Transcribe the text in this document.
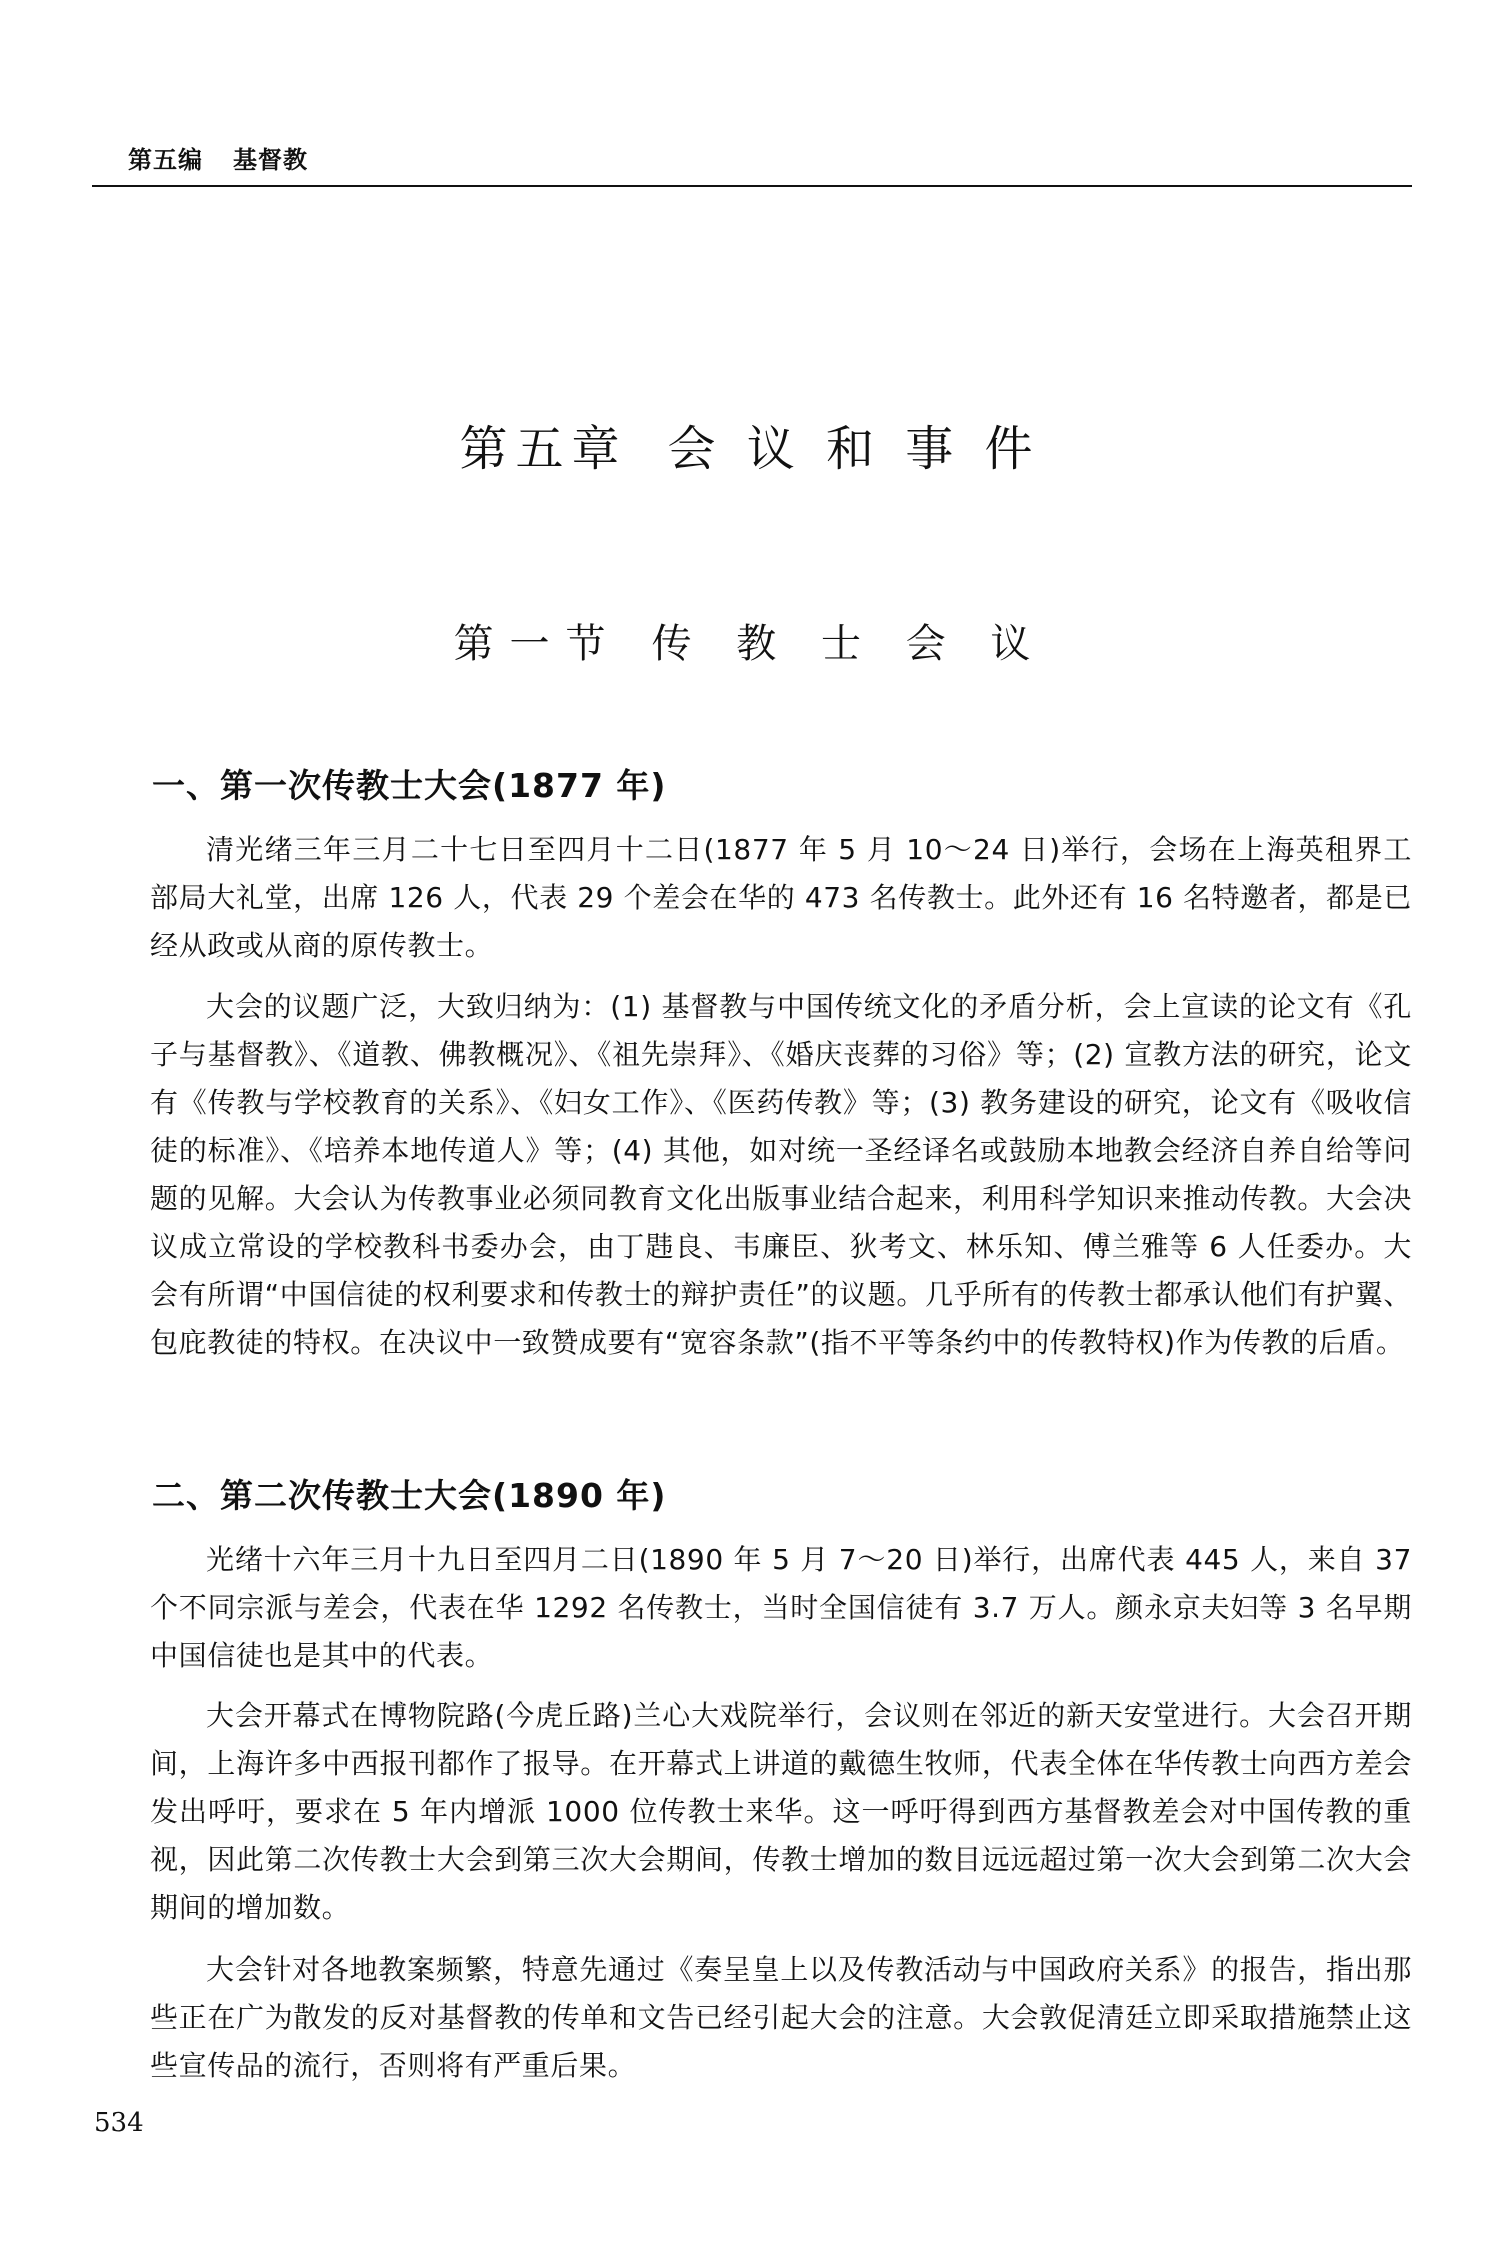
第五编 基督教
第五章 会 议 和 事 件
第一节 传 教 士 会 议
一、第一次传教士大会(1877 年)

清光绪三年三月二十七日至四月十二日(1877 年 5 月 10～24 日)举行，会场在上海英租界工部局大礼堂，出席 126 人，代表 29 个差会在华的 473 名传教士。此外还有 16 名特邀者，都是已经从政或从商的原传教士。

大会的议题广泛，大致归纳为：(1) 基督教与中国传统文化的矛盾分析，会上宣读的论文有《孔子与基督教》、《道教、佛教概况》、《祖先崇拜》、《婚庆丧葬的习俗》等；(2) 宣教方法的研究，论文有《传教与学校教育的关系》、《妇女工作》、《医药传教》等；(3) 教务建设的研究，论文有《吸收信徒的标准》、《培养本地传道人》等；(4) 其他，如对统一圣经译名或鼓励本地教会经济自养自给等问题的见解。大会认为传教事业必须同教育文化出版事业结合起来，利用科学知识来推动传教。大会决议成立常设的学校教科书委办会，由丁韪良、韦廉臣、狄考文、林乐知、傅兰雅等 6 人任委办。大会有所谓“中国信徒的权利要求和传教士的辩护责任”的议题。几乎所有的传教士都承认他们有护翼、包庇教徒的特权。在决议中一致赞成要有“宽容条款”(指不平等条约中的传教特权)作为传教的后盾。

二、第二次传教士大会(1890 年)

光绪十六年三月十九日至四月二日(1890 年 5 月 7～20 日)举行，出席代表 445 人，来自 37 个不同宗派与差会，代表在华 1292 名传教士，当时全国信徒有 3.7 万人。颜永京夫妇等 3 名早期中国信徒也是其中的代表。

大会开幕式在博物院路(今虎丘路)兰心大戏院举行，会议则在邻近的新天安堂进行。大会召开期间，上海许多中西报刊都作了报导。在开幕式上讲道的戴德生牧师，代表全体在华传教士向西方差会发出呼吁，要求在 5 年内增派 1000 位传教士来华。这一呼吁得到西方基督教差会对中国传教的重视，因此第二次传教士大会到第三次大会期间，传教士增加的数目远远超过第一次大会到第二次大会期间的增加数。

大会针对各地教案频繁，特意先通过《奏呈皇上以及传教活动与中国政府关系》的报告，指出那些正在广为散发的反对基督教的传单和文告已经引起大会的注意。大会敦促清廷立即采取措施禁止这些宣传品的流行，否则将有严重后果。

534
